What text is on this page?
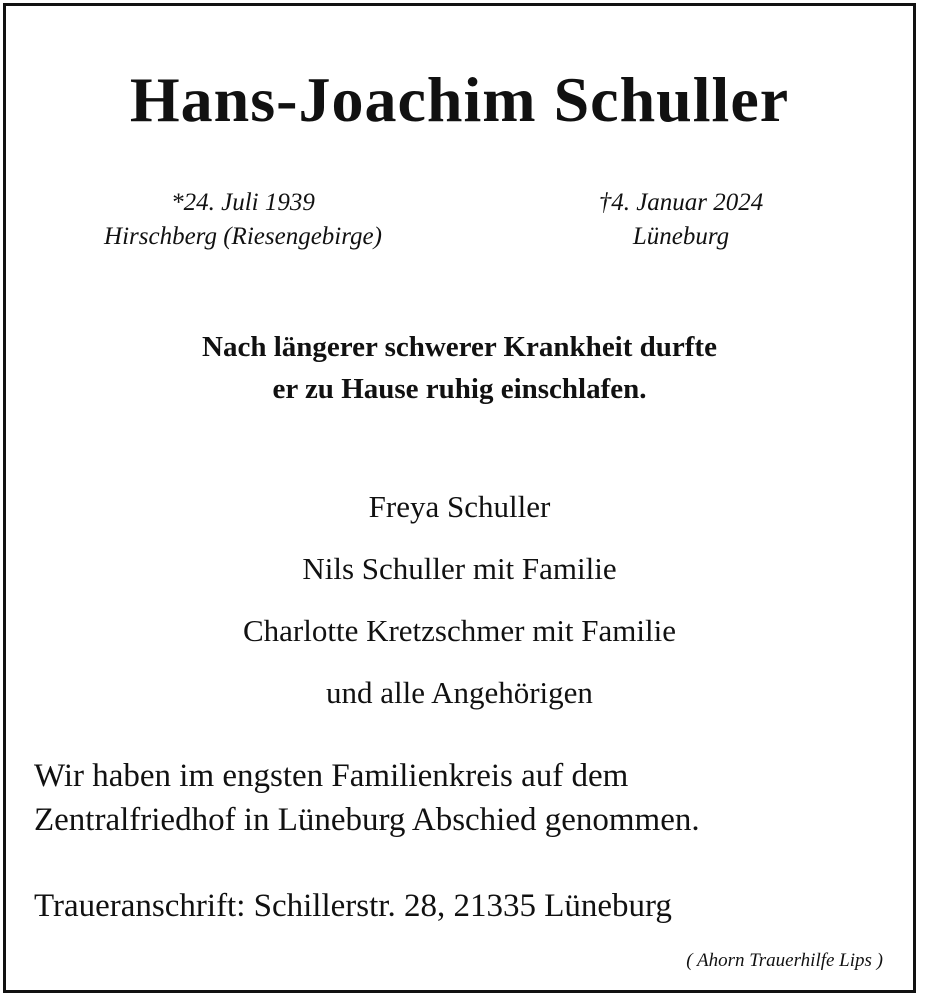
Hans-Joachim Schuller
*24. Juli 1939
Hirschberg (Riesengebirge)
†4. Januar 2024
Lüneburg
Nach längerer schwerer Krankheit durfte
er zu Hause ruhig einschlafen.
Freya Schuller
Nils Schuller mit Familie
Charlotte Kretzschmer mit Familie
und alle Angehörigen
Wir haben im engsten Familienkreis auf dem
Zentralfriedhof in Lüneburg Abschied genommen.
Traueranschrift: Schillerstr. 28, 21335 Lüneburg
( Ahorn Trauerhilfe Lips )
